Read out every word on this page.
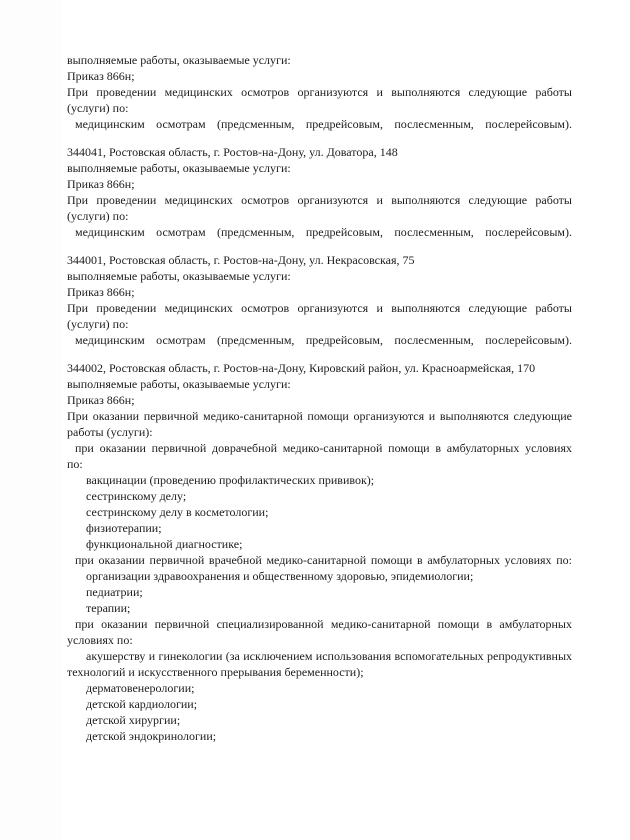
выполняемые работы, оказываемые услуги:

Приказ 866н;

При проведении медицинских осмотров организуются и выполняются следующие работы

(услуги) по:

медицинским осмотрам (предсменным, предрейсовым, послесменным, послерейсовым).

344041, Ростовская область, г. Ростов-на-Дону, ул. Доватора, 148

выполняемые работы, оказываемые услуги:

Приказ 866н;

При проведении медицинских осмотров организуются и выполняются следующие работы

(услуги) по:

медицинским осмотрам (предсменным, предрейсовым, послесменным, послерейсовым).

344001, Ростовская область, г. Ростов-на-Дону, ул. Некрасовская, 75

выполняемые работы, оказываемые услуги:

Приказ 866н;

При проведении медицинских осмотров организуются и выполняются следующие работы

(услуги) по:

медицинским осмотрам (предсменным, предрейсовым, послесменным, послерейсовым).

344002, Ростовская область, г. Ростов-на-Дону, Кировский район, ул. Красноармейская, 170

выполняемые работы, оказываемые услуги:

Приказ 866н;

При оказании первичной медико-санитарной помощи организуются и выполняются следующие

работы (услуги):

при оказании первичной доврачебной медико-санитарной помощи в амбулаторных условиях

по:

вакцинации (проведению профилактических прививок);

сестринскому делу;

сестринскому делу в косметологии;

физиотерапии;

функциональной диагностике;

при оказании первичной врачебной медико-санитарной помощи в амбулаторных условиях по:

организации здравоохранения и общественному здоровью, эпидемиологии;

педиатрии;

терапии;

при оказании первичной специализированной медико-санитарной помощи в амбулаторных

условиях по:

акушерству и гинекологии (за исключением использования вспомогательных репродуктивных

технологий и искусственного прерывания беременности);

дерматовенерологии;

детской кардиологии;

детской хирургии;

детской эндокринологии;
